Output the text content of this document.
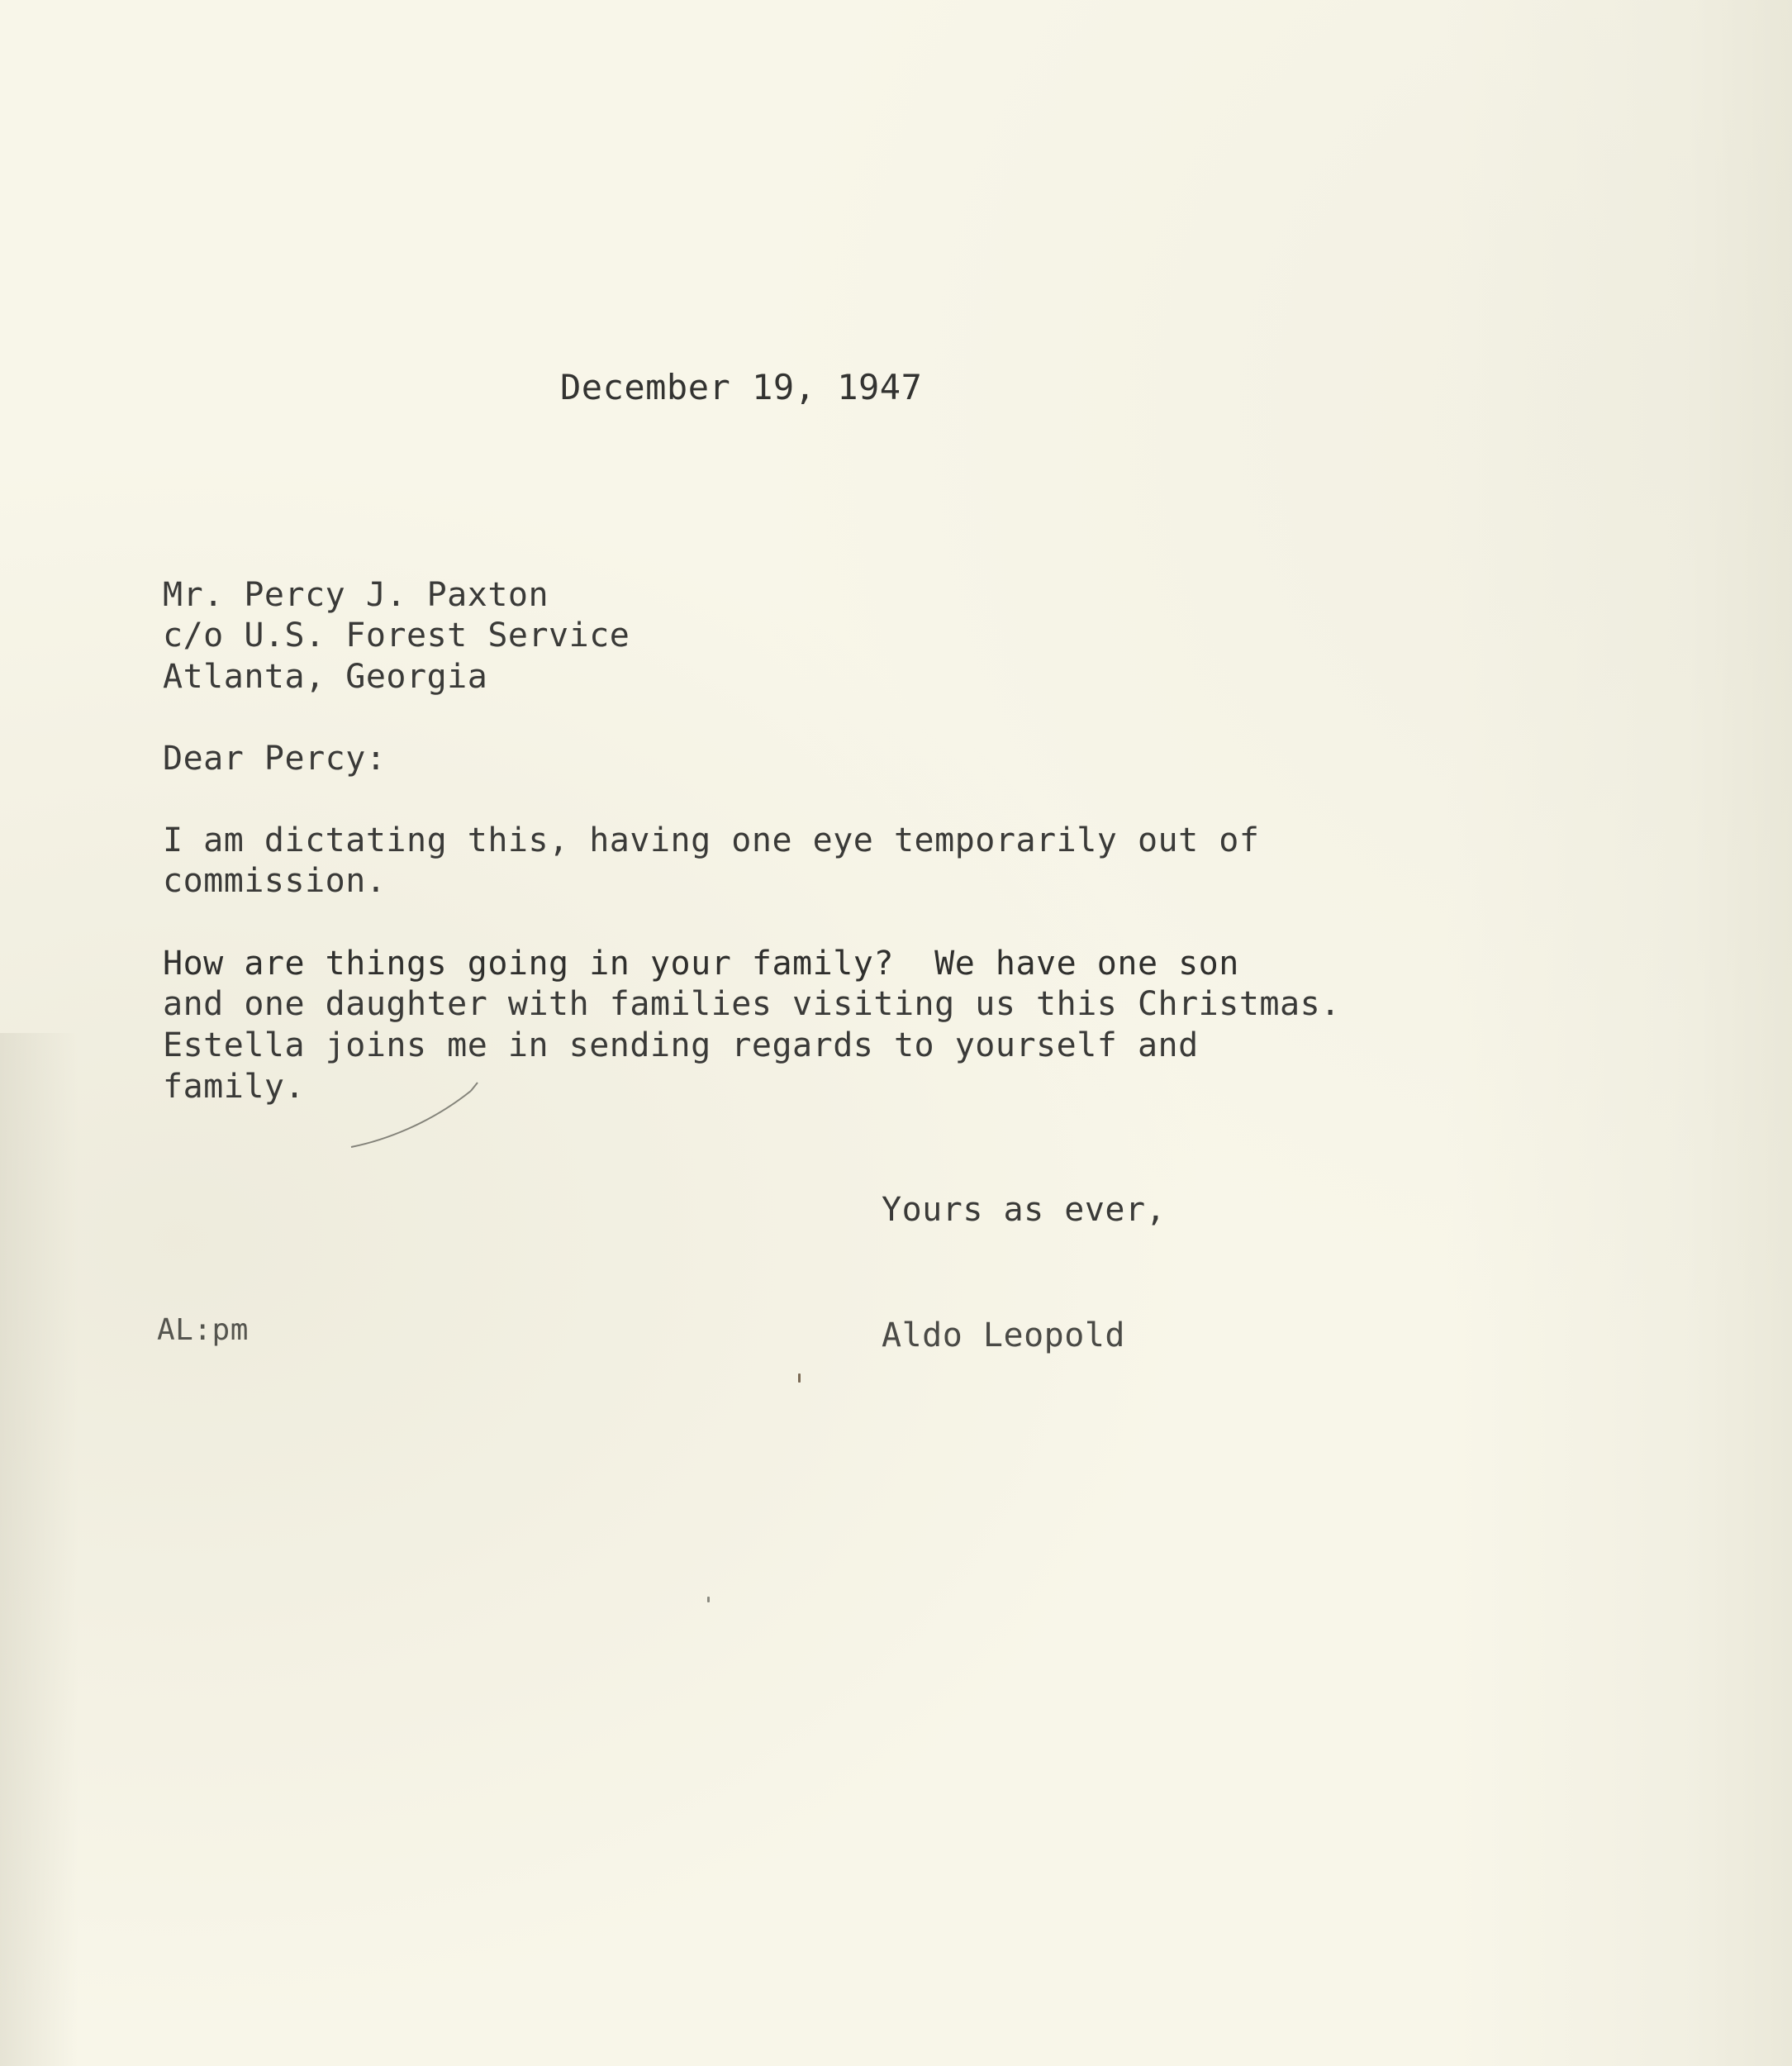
December 19, 1947
Mr. Percy J. Paxton
c/o U.S. Forest Service
Atlanta, Georgia
Dear Percy:
I am dictating this, having one eye temporarily out of
commission.
How are things going in your family?  We have one son
and one daughter with families visiting us this Christmas.
Estella joins me in sending regards to yourself and
family.
Yours as ever,
AL:pm	Aldo Leopold
